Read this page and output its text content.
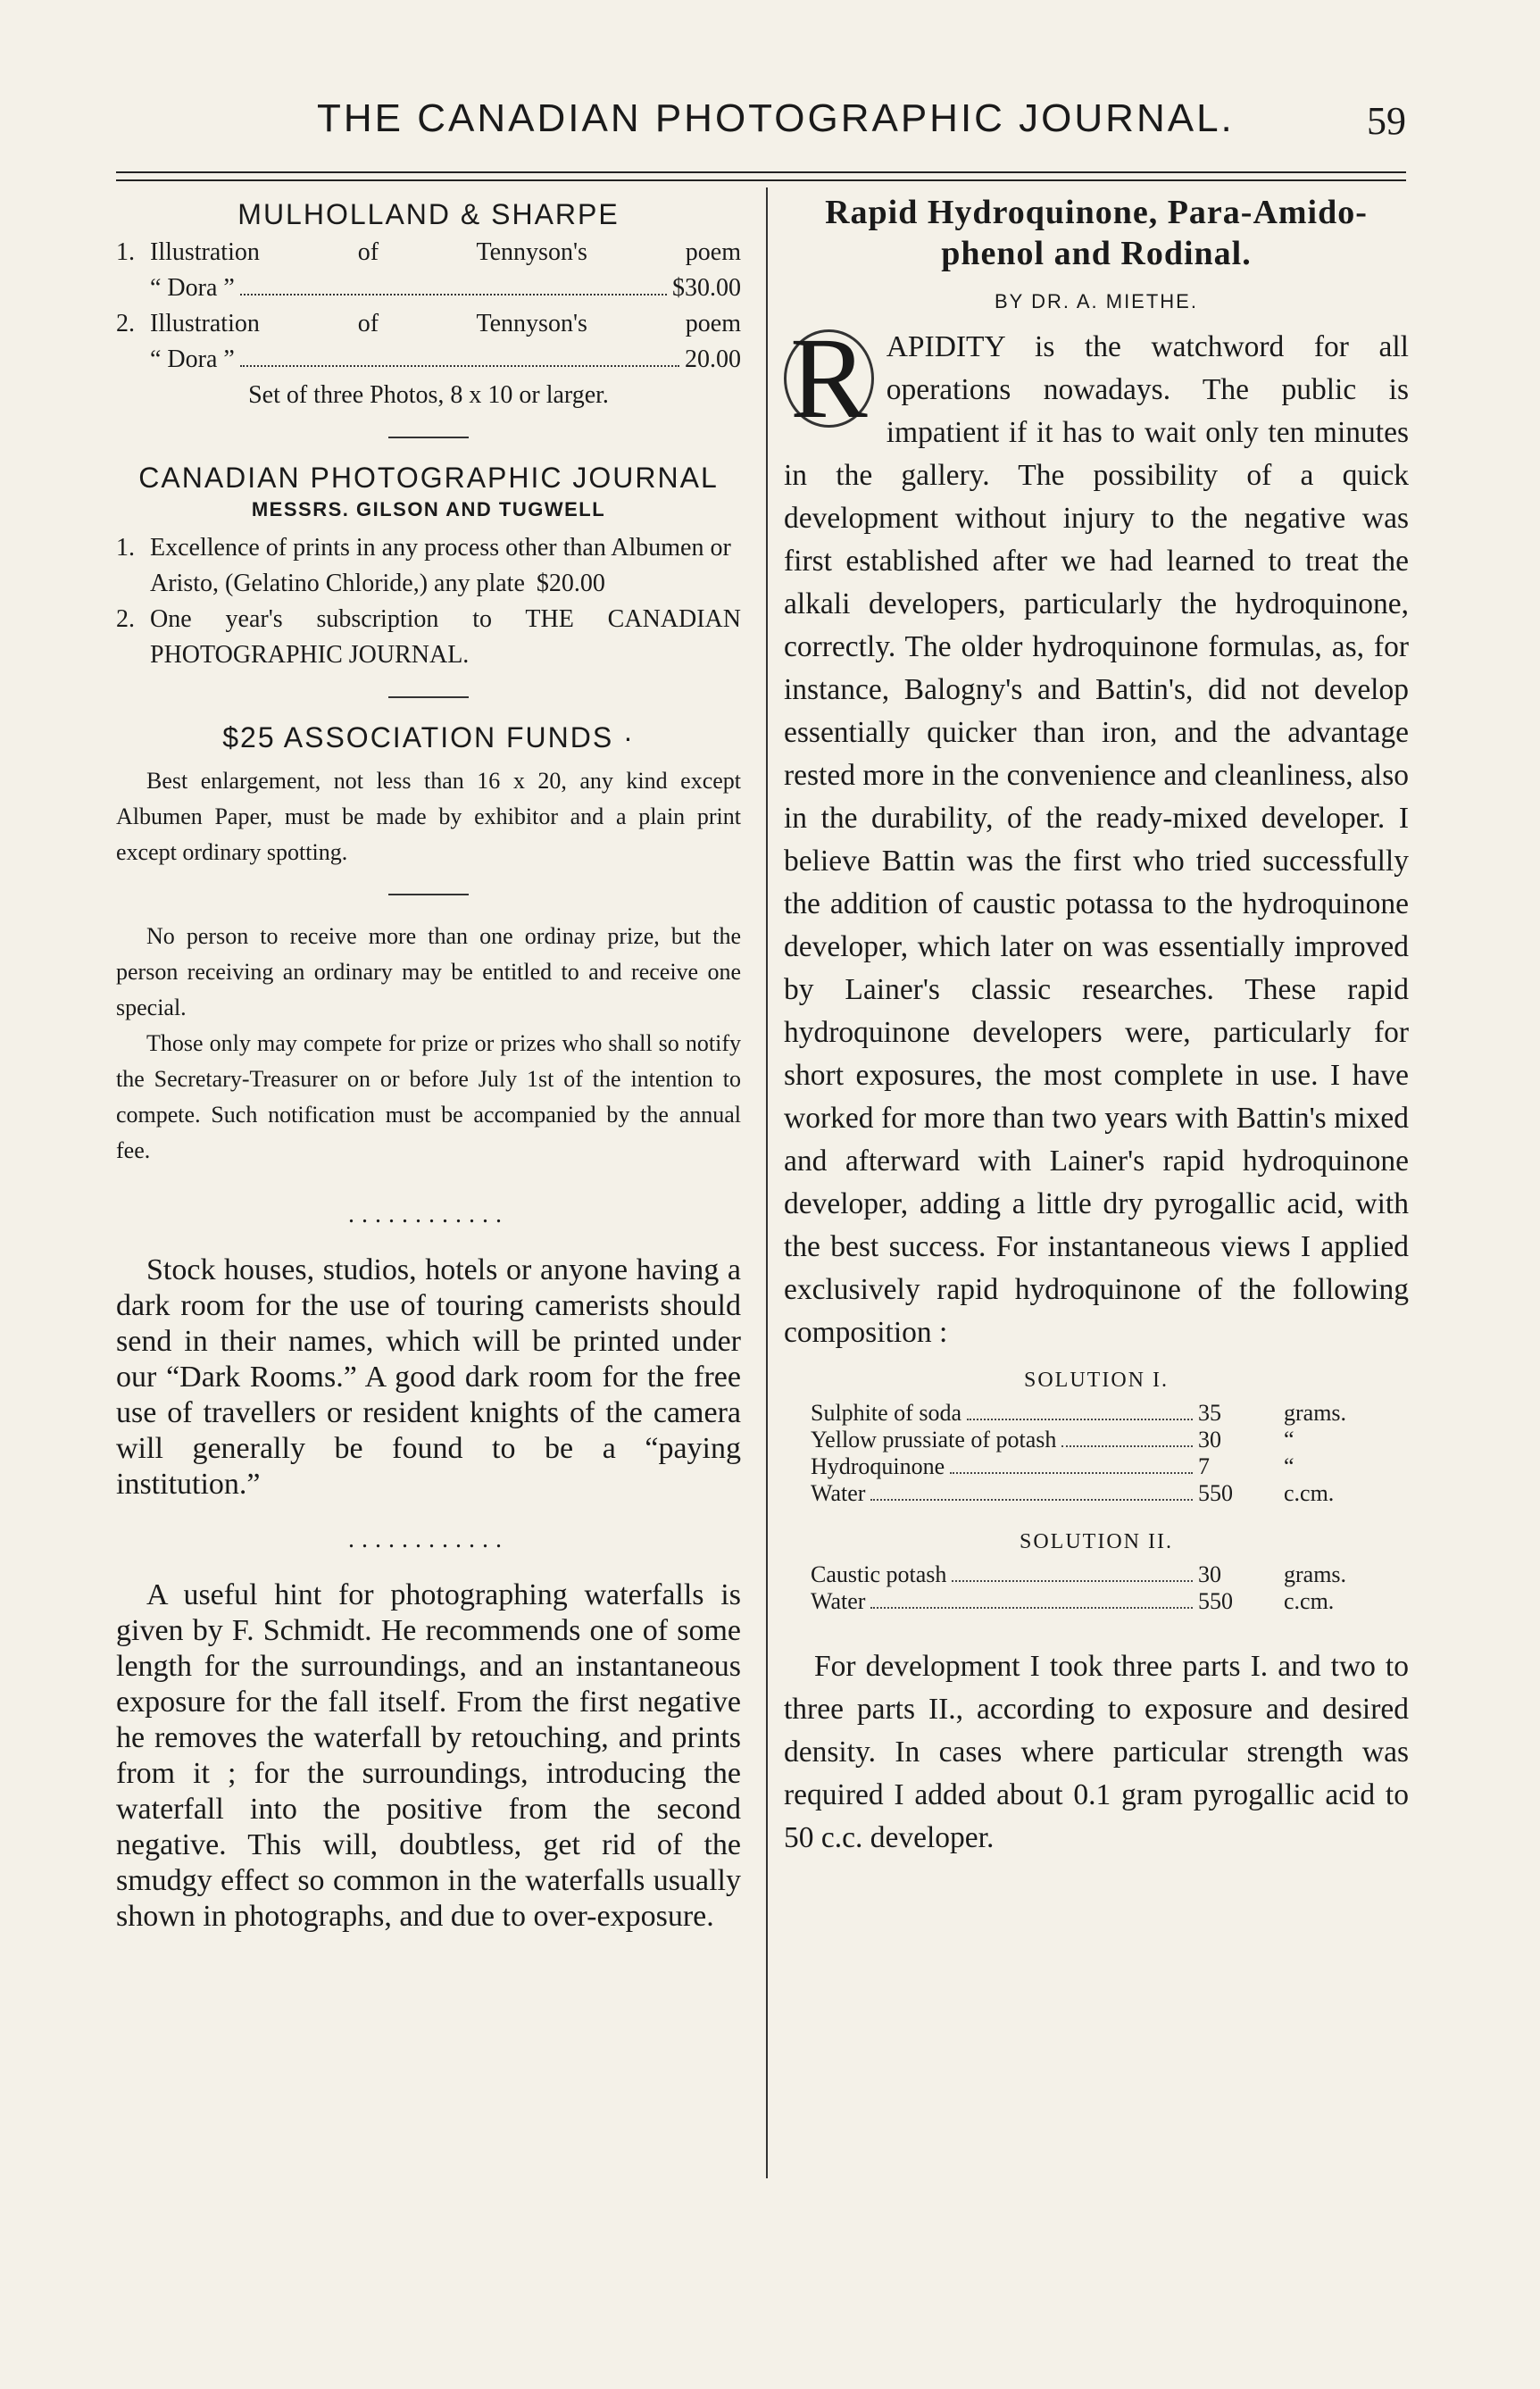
THE CANADIAN PHOTOGRAPHIC JOURNAL.	59
MULHOLLAND & SHARPE
1. Illustration of Tennyson's poem
“ Dora ”	$30.00
2. Illustration of Tennyson's poem
“ Dora ”	20.00
Set of three Photos, 8 x 10 or larger.
CANADIAN PHOTOGRAPHIC JOURNAL
MESSRS. GILSON AND TUGWELL
1. Excellence of prints in any process other than Albumen or Aristo, (Gelatino Chloride,) any plate $20.00
2. One year's subscription to THE CANADIAN PHOTOGRAPHIC JOURNAL.
$25 ASSOCIATION FUNDS ·
Best enlargement, not less than 16 x 20, any kind except Albumen Paper, must be made by exhibitor and a plain print except ordinary spotting.
No person to receive more than one ordinay prize, but the person receiving an ordinary may be entitled to and receive one special.
Those only may compete for prize or prizes who shall so notify the Secretary-Treasurer on or before July 1st of the intention to compete. Such notification must be accompanied by the annual fee.
............
Stock houses, studios, hotels or anyone having a dark room for the use of touring camerists should send in their names, which will be printed under our “Dark Rooms.” A good dark room for the free use of travellers or resident knights of the camera will generally be found to be a “paying institution.”
............
A useful hint for photographing waterfalls is given by F. Schmidt. He recommends one of some length for the surroundings, and an instantaneous exposure for the fall itself. From the first negative he removes the waterfall by retouching, and prints from it ; for the surroundings, introducing the waterfall into the positive from the second negative. This will, doubtless, get rid of the smudgy effect so common in the waterfalls usually shown in photographs, and due to over-exposure.
Rapid Hydroquinone, Para-Amido-
phenol and Rodinal.
BY DR. A. MIETHE.
R APIDITY is the watchword for all operations nowadays. The public is impatient if it has to wait only ten minutes in the gallery. The possibility of a quick development without injury to the negative was first established after we had learned to treat the alkali developers, particularly the hydroquinone, correctly. The older hydroquinone formulas, as, for instance, Balogny's and Battin's, did not develop essentially quicker than iron, and the advantage rested more in the convenience and cleanliness, also in the durability, of the ready-mixed developer. I believe Battin was the first who tried successfully the addition of caustic potassa to the hydroquinone developer, which later on was essentially improved by Lainer's classic researches. These rapid hydroquinone developers were, particularly for short exposures, the most complete in use. I have worked for more than two years with Battin's mixed and afterward with Lainer's rapid hydroquinone developer, adding a little dry pyrogallic acid, with the best success. For instantaneous views I applied exclusively rapid hydroquinone of the following composition :
SOLUTION I.
Sulphite of soda	35	grams.
Yellow prussiate of potash	30	“
Hydroquinone	7	“
Water	550	c.cm.
SOLUTION II.
Caustic potash	30	grams.
Water	550	c.cm.
For development I took three parts I. and two to three parts II., according to exposure and desired density. In cases where particular strength was required I added about 0.1 gram pyrogallic acid to 50 c.c. developer.
